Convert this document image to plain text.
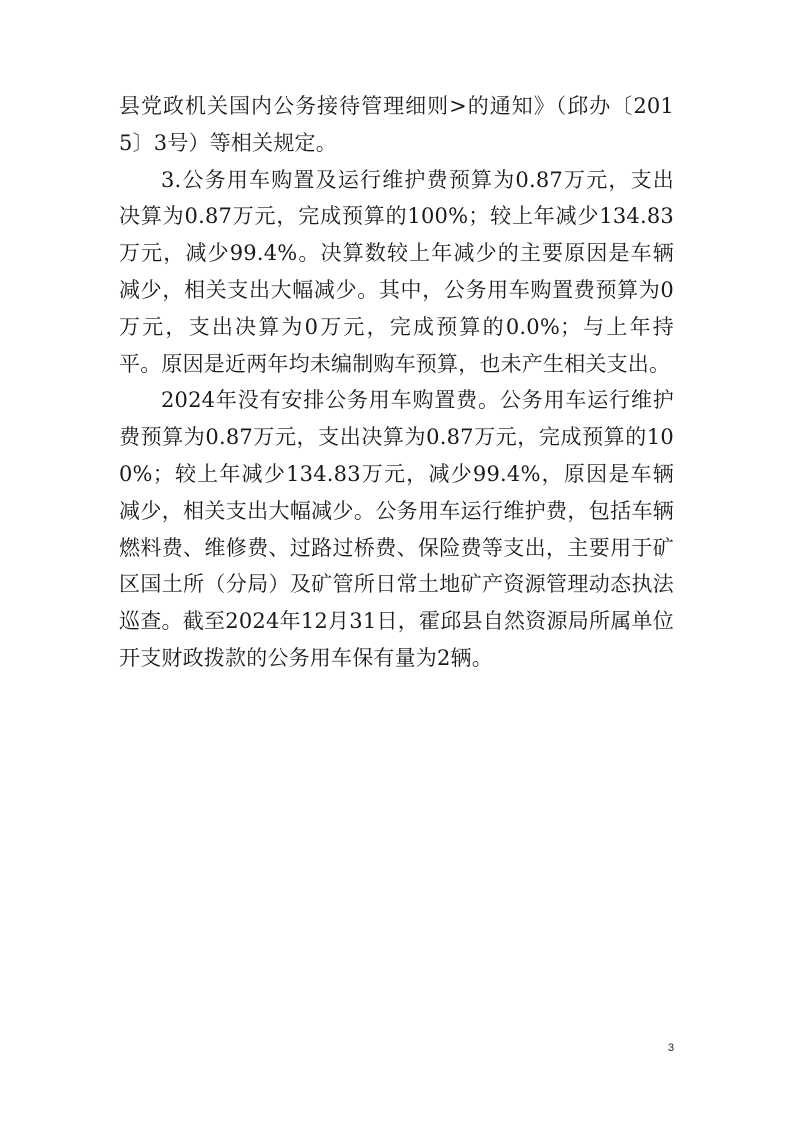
县党政机关国内公务接待管理细则>的通知》（邱办〔2015〕3号）等相关规定。

3.公务用车购置及运行维护费预算为0.87万元，支出决算为0.87万元，完成预算的100%；较上年减少134.83万元，减少99.4%。决算数较上年减少的主要原因是车辆减少，相关支出大幅减少。其中，公务用车购置费预算为0万元，支出决算为0万元，完成预算的0.0%；与上年持平。原因是近两年均未编制购车预算，也未产生相关支出。

2024年没有安排公务用车购置费。公务用车运行维护费预算为0.87万元，支出决算为0.87万元，完成预算的100%；较上年减少134.83万元，减少99.4%，原因是车辆减少，相关支出大幅减少。公务用车运行维护费，包括车辆燃料费、维修费、过路过桥费、保险费等支出，主要用于矿区国土所（分局）及矿管所日常土地矿产资源管理动态执法巡查。截至2024年12月31日，霍邱县自然资源局所属单位开支财政拨款的公务用车保有量为2辆。

3
